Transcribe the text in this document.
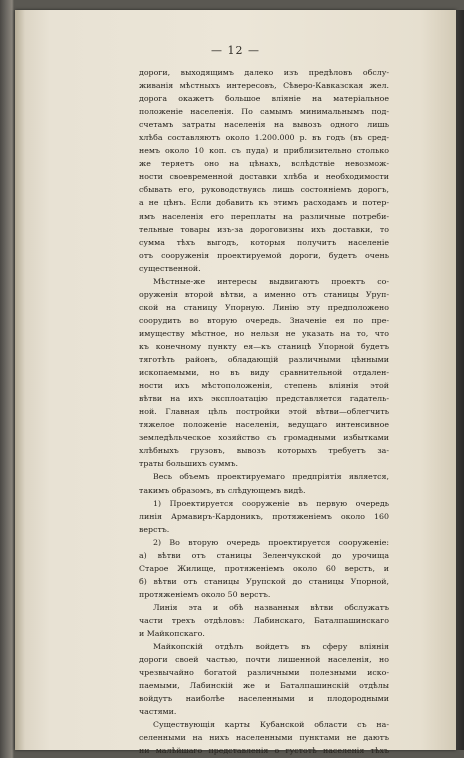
— 12 —

дороги, выходящимъ далеко изъ предѣловъ обслу-
живанія мѣстныхъ интересовъ, Сѣверо-Кавказская жел.
дорога окажетъ большое вліяніе на матеріальное
положеніе населенія. По самымъ минимальнымъ под-
счетамъ затраты населенія на вывозъ одного лишь
хлѣба составляютъ около 1.200.000 р. въ годъ (въ сред-
немъ около 10 коп. съ пуда) и приблизительно столько
же теряетъ оно на цѣнахъ, вслѣдствіе невозмож-
ности своевременной доставки хлѣба и необходимости
сбывать его, руководствуясь лишь состояніемъ дорогъ,
а не цѣнъ. Если добавить къ этимъ расходамъ и потер-
ямъ населенія его переплаты на различные потреби-
тельные товары изъ-за дороговизны ихъ доставки, то
сумма тѣхъ выгодъ, которыя получитъ населеніе
отъ сооруженія проектируемой дороги, будетъ очень
существенной.

Мѣстные-же интересы выдвигаютъ проектъ со-
оруженія второй вѣтви, а именно отъ станицы Уруп-
ской на станицу Упорную. Линію эту предположено
соорудить во вторую очередь. Значеніе ея по пре-
имуществу мѣстное, но нельзя не указать на то, что
къ конечному пункту ея—къ станицѣ Упорной будетъ
тяготѣть районъ, обладающій различными цѣнными
ископаемыми, но въ виду сравнительной отдален-
ности ихъ мѣстоположенія, степень вліянія этой
вѣтви на ихъ эксплоатацію представляется гадатель-
ной. Главная цѣль постройки этой вѣтви—облегчить
тяжелое положеніе населенія, ведущаго интенсивное
земледѣльческое хозяйство съ громадными избытками
хлѣбныхъ грузовъ, вывозъ которыхъ требуетъ за-
траты большихъ суммъ.

Весь объемъ проектируемаго предпріятія является,
такимъ образомъ, въ слѣдующемъ видѣ.

1) Проектируется сооруженіе въ первую очередь
линія Армавиръ-Кардоникъ, протяженіемъ около 160
верстъ.

2) Во вторую очередь проектируется сооруженіе:
а) вѣтви отъ станицы Зеленчукской до урочища
Старое Жилище, протяженіемъ около 60 верстъ, и
б) вѣтви отъ станицы Урупской до станицы Упорной,
протяженіемъ около 50 верстъ.

Линія эта и обѣ названныя вѣтви обслужатъ
части трехъ отдѣловъ: Лабинскаго, Баталпашинскаго
и Майкопскаго.

Майкопскій отдѣлъ войдетъ въ сферу вліянія
дороги своей частью, почти лишенной населенія, но
чрезвычайно богатой различными полезными иско-
паемыми, Лабинскій же и Баталпашинскій отдѣлы
войдутъ наиболѣе населенными и плодородными
частями.

Существующія карты Кубанской области съ на-
селенными на нихъ населенными пунктами не даютъ
ни малѣйшаго представленія о густотѣ населенія тѣхъ
